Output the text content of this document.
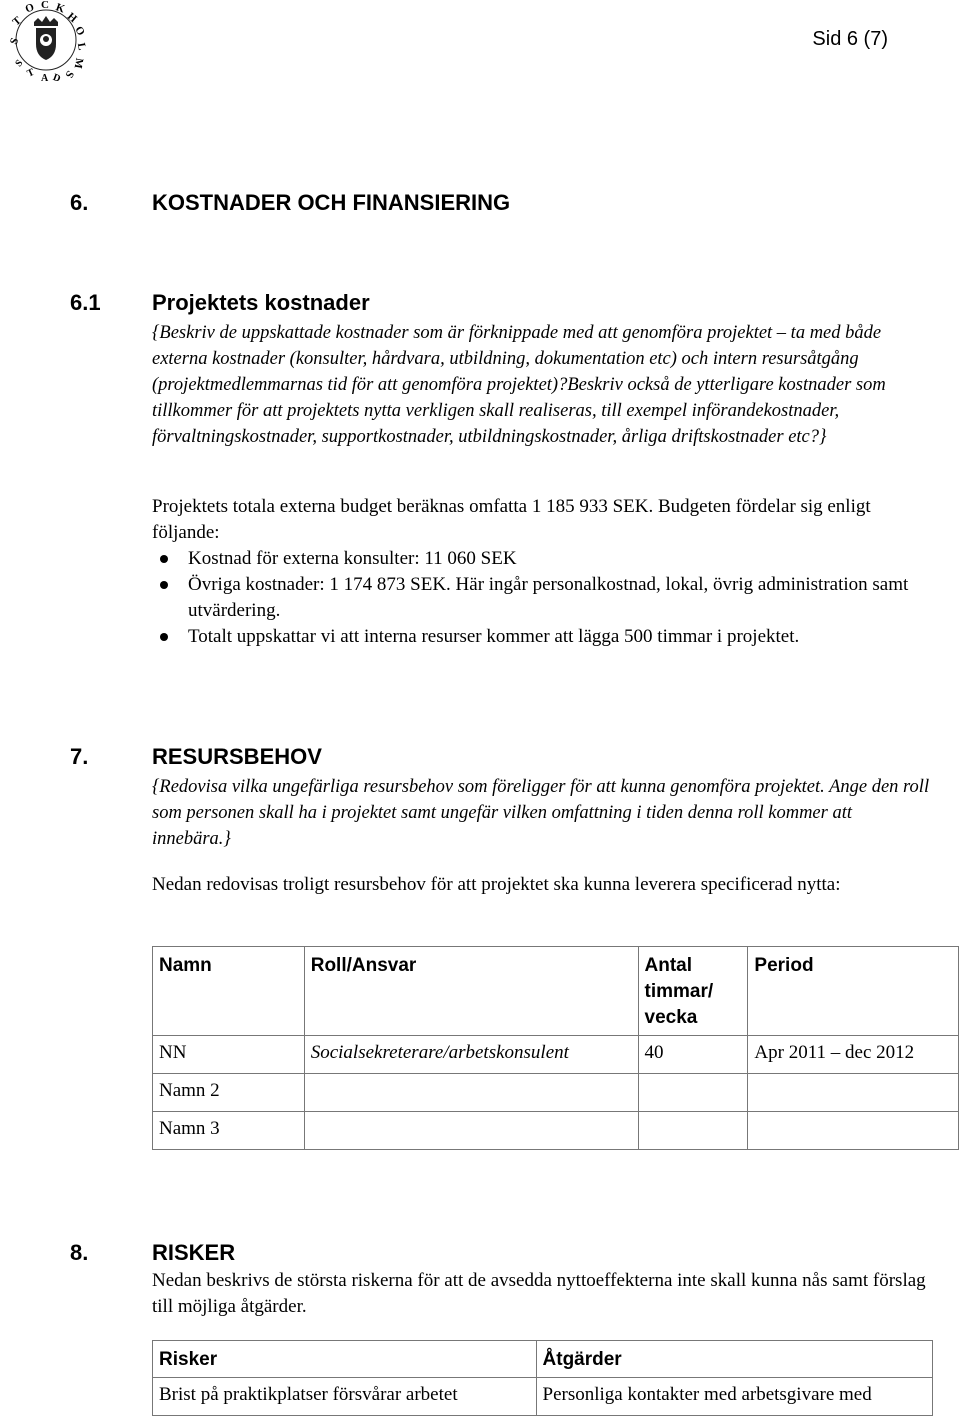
S
T
O C K
H
O
L
M
S
S
T A D
Sid 6 (7)
6.	KOSTNADER OCH FINANSIERING
6.1 Projektets kostnader
{Beskriv de uppskattade kostnader som är förknippade med att genomföra projektet – ta med både externa kostnader (konsulter, hårdvara, utbildning, dokumentation etc) och intern resursåtgång (projektmedlemmarnas tid för att genomföra projektet)?Beskriv också de ytterligare kostnader som tillkommer för att projektets nytta verkligen skall realiseras, till exempel införandekostnader, förvaltningskostnader, supportkostnader, utbildningskostnader, årliga driftskostnader etc?}
Projektets totala externa budget beräknas omfatta 1 185 933 SEK. Budgeten fördelar sig enligt följande:
Kostnad för externa konsulter: 11 060 SEK
Övriga kostnader: 1 174 873 SEK. Här ingår personalkostnad, lokal, övrig administration samt utvärdering.
Totalt uppskattar vi att interna resurser kommer att lägga 500 timmar i projektet.
7.	RESURSBEHOV
{Redovisa vilka ungefärliga resursbehov som föreligger för att kunna genomföra projektet. Ange den roll som personen skall ha i projektet samt ungefär vilken omfattning i tiden denna roll kommer att innebära.}
Nedan redovisas troligt resursbehov för att projektet ska kunna leverera specificerad nytta:
Namn	Roll/Ansvar	Antal timmar/ vecka	Period
NN	Socialsekreterare/arbetskonsulent	40	Apr 2011 – dec 2012
Namn 2			
Namn 3			
8.	RISKER
Nedan beskrivs de största riskerna för att de avsedda nyttoeffekterna inte skall kunna nås samt förslag till möjliga åtgärder.
Risker	Åtgärder
Brist på praktikplatser försvårar arbetet	Personliga kontakter med arbetsgivare med
